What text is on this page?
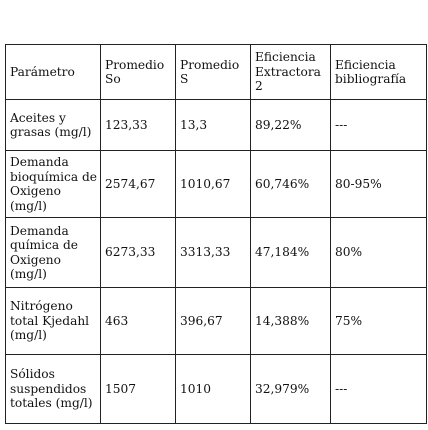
Parámetro	Promedio So	Promedio S	Eficiencia Extractora 2	Eficiencia bibliografía

Aceites y grasas (mg/l)	123,33	13,3	89,22%	---

Demanda bioquímica de Oxigeno (mg/l)	2574,67	1010,67	60,746%	80-95%

Demanda química de Oxigeno (mg/l)	6273,33	3313,33	47,184%	80%

Nitrógeno total Kjedahl (mg/l)	463	396,67	14,388%	75%

Sólidos suspendidos totales (mg/l)	1507	1010	32,979%	---
